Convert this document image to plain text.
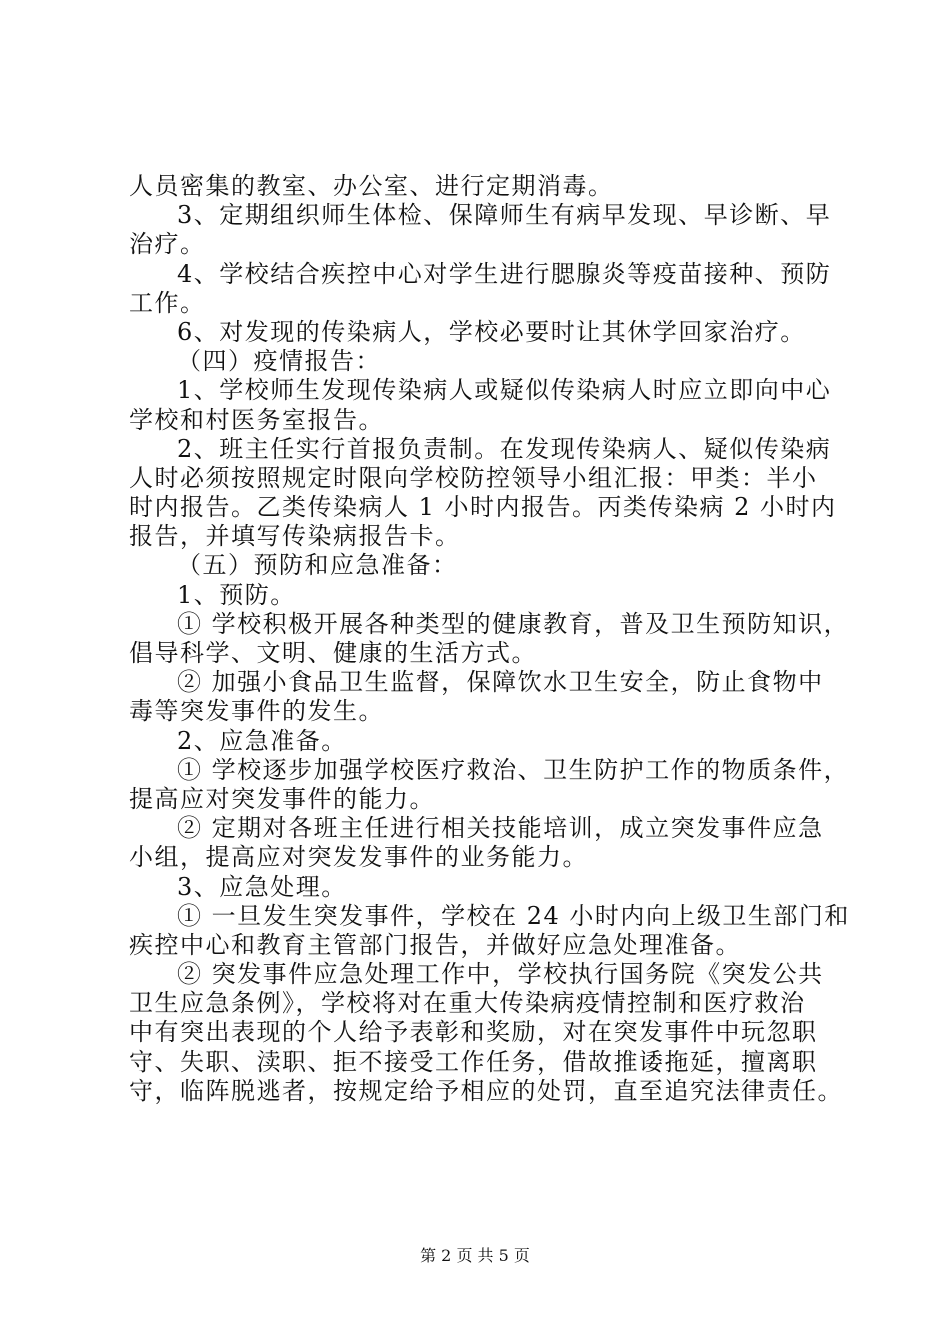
人员密集的教室、办公室、进行定期消毒。
3、定期组织师生体检、保障师生有病早发现、早诊断、早
治疗。
4、学校结合疾控中心对学生进行腮腺炎等疫苗接种、预防
工作。
6、对发现的传染病人，学校必要时让其休学回家治疗。
（四）疫情报告：
1、学校师生发现传染病人或疑似传染病人时应立即向中心
学校和村医务室报告。
2、班主任实行首报负责制。在发现传染病人、疑似传染病
人时必须按照规定时限向学校防控领导小组汇报：甲类：半小
时内报告。乙类传染病人 1 小时内报告。丙类传染病 2 小时内
报告，并填写传染病报告卡。
（五）预防和应急准备：
1、预防。
① 学校积极开展各种类型的健康教育，普及卫生预防知识，
倡导科学、文明、健康的生活方式。
② 加强小食品卫生监督，保障饮水卫生安全，防止食物中
毒等突发事件的发生。
2、应急准备。
① 学校逐步加强学校医疗救治、卫生防护工作的物质条件，
提高应对突发事件的能力。
② 定期对各班主任进行相关技能培训，成立突发事件应急
小组，提高应对突发发事件的业务能力。
3、应急处理。
① 一旦发生突发事件，学校在 24 小时内向上级卫生部门和
疾控中心和教育主管部门报告，并做好应急处理准备。
② 突发事件应急处理工作中，学校执行国务院《突发公共
卫生应急条例》，学校将对在重大传染病疫情控制和医疗救治
中有突出表现的个人给予表彰和奖励，对在突发事件中玩忽职
守、失职、渎职、拒不接受工作任务，借故推诿拖延，擅离职
守，临阵脱逃者，按规定给予相应的处罚，直至追究法律责任。
第 2 页 共 5 页
